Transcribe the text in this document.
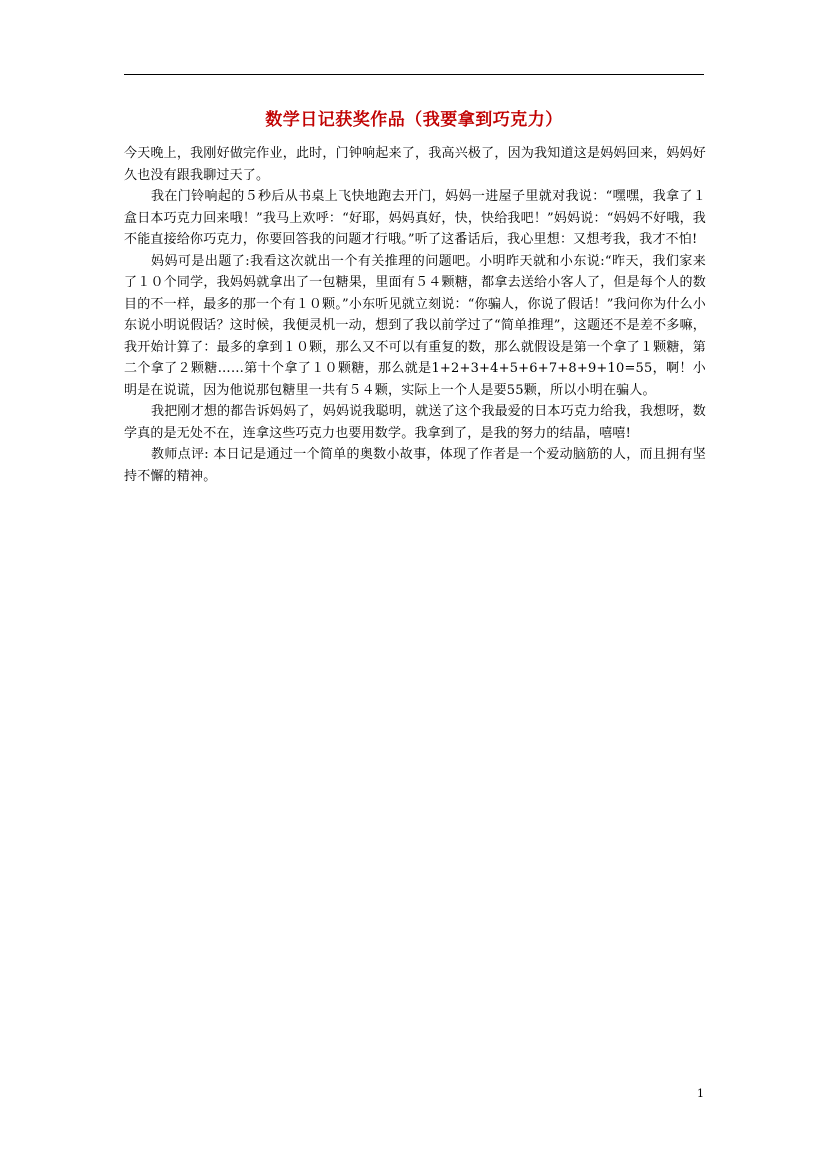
数学日记获奖作品（我要拿到巧克力）

今天晚上，我刚好做完作业，此时，门钟响起来了，我高兴极了，因为我知道这是妈妈回来，妈妈好久也没有跟我聊过天了。

我在门铃响起的５秒后从书桌上飞快地跑去开门，妈妈一进屋子里就对我说：“嘿嘿，我拿了１盒日本巧克力回来哦！”我马上欢呼：“好耶，妈妈真好，快，快给我吧！”妈妈说：“妈妈不好哦，我不能直接给你巧克力，你要回答我的问题才行哦。”听了这番话后，我心里想：又想考我，我才不怕!

妈妈可是出题了:我看这次就出一个有关推理的问题吧。小明昨天就和小东说:“昨天，我们家来了１０个同学，我妈妈就拿出了一包糖果，里面有５４颗糖，都拿去送给小客人了，但是每个人的数目的不一样，最多的那一个有１０颗。”小东听见就立刻说：“你骗人，你说了假话！”我问你为什么小东说小明说假话？这时候，我便灵机一动，想到了我以前学过了“简单推理”，这题还不是差不多嘛，我开始计算了：最多的拿到１０颗，那么又不可以有重复的数，那么就假设是第一个拿了１颗糖，第二个拿了２颗糖……第十个拿了１０颗糖，那么就是1+2+3+4+5+6+7+8+9+10=55，啊！小明是在说谎，因为他说那包糖里一共有５４颗，实际上一个人是要55颗，所以小明在骗人。

我把刚才想的都告诉妈妈了，妈妈说我聪明，就送了这个我最爱的日本巧克力给我，我想呀，数学真的是无处不在，连拿这些巧克力也要用数学。我拿到了，是我的努力的结晶，嘻嘻!

教师点评: 本日记是通过一个简单的奥数小故事，体现了作者是一个爱动脑筋的人，而且拥有坚持不懈的精神。

1
